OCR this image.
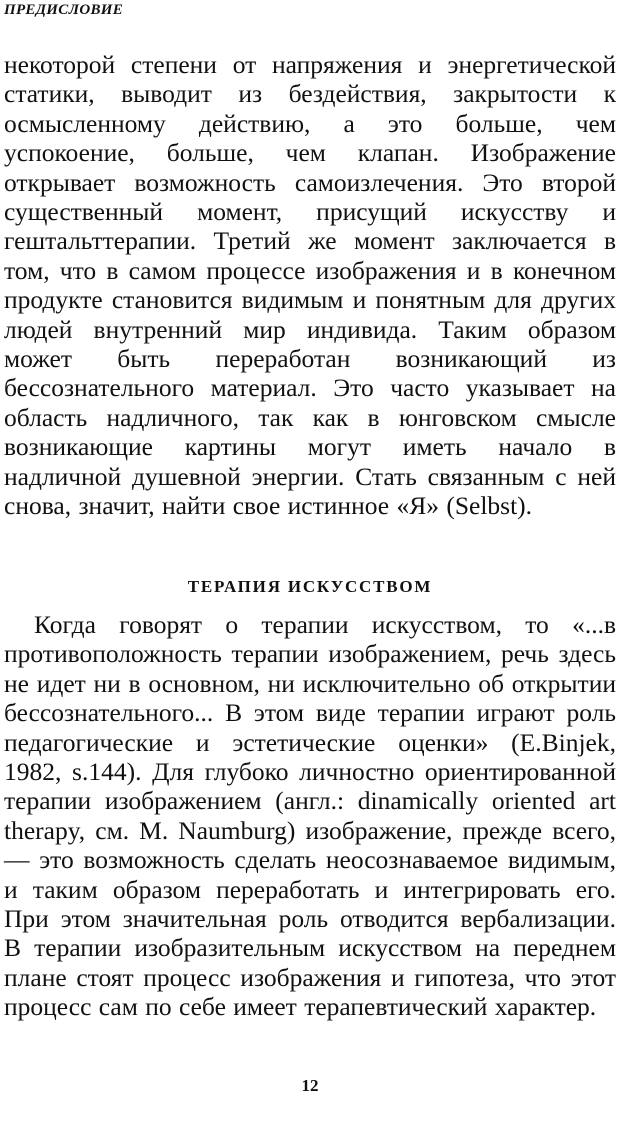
ПРЕДИСЛОВИЕ

некоторой степени от напряжения и энергетической статики, выводит из бездействия, закрытости к осмысленному действию, а это больше, чем успокоение, больше, чем клапан. Изображение открывает возможность самоизлечения. Это второй существенный момент, присущий искусству и гештальттерапии. Третий же момент заключается в том, что в самом процессе изображения и в конечном продукте становится видимым и понятным для других людей внутренний мир индивида. Таким образом может быть переработан возникающий из бессознательного материал. Это часто указывает на область надличного, так как в юнговском смысле возникающие картины могут иметь начало в надличной душевной энергии. Стать связанным с ней снова, значит, найти свое истинное «Я» (Selbst).

ТЕРАПИЯ ИСКУССТВОМ

Когда говорят о терапии искусством, то «...в противоположность терапии изображением, речь здесь не идет ни в основном, ни исключительно об открытии бессознательного... В этом виде терапии играют роль педагогические и эстетические оценки» (E.Binjek, 1982, s.144). Для глубоко личностно ориентированной терапии изображением (англ.: dinamically oriented art therapy, см. M. Naumburg) изображение, прежде всего, — это возможность сделать неосознаваемое видимым, и таким образом переработать и интегрировать его. При этом значительная роль отводится вербализации. В терапии изобразительным искусством на переднем плане стоят процесс изображения и гипотеза, что этот процесс сам по себе имеет терапевтический характер.

12
